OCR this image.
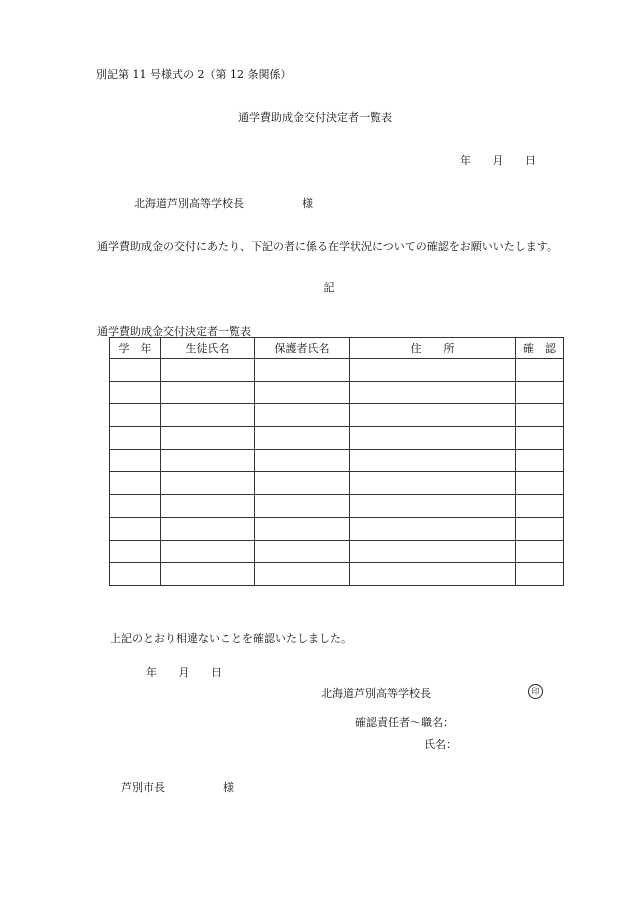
別記第 11 号様式の 2（第 12 条関係）
通学費助成金交付決定者一覧表
年 月 日
北海道芦別高等学校長	様
通学費助成金の交付にあたり、下記の者に係る在学状況についての確認をお願いいたします。
記
通学費助成金交付決定者一覧表
学　年	生徒氏名	保護者氏名	住　　所	確　認

上記のとおり相違ないことを確認いたしました。
年 月 日
北海道芦別高等学校長	印
確認責任者〜職名：
氏名：
芦別市長	様
